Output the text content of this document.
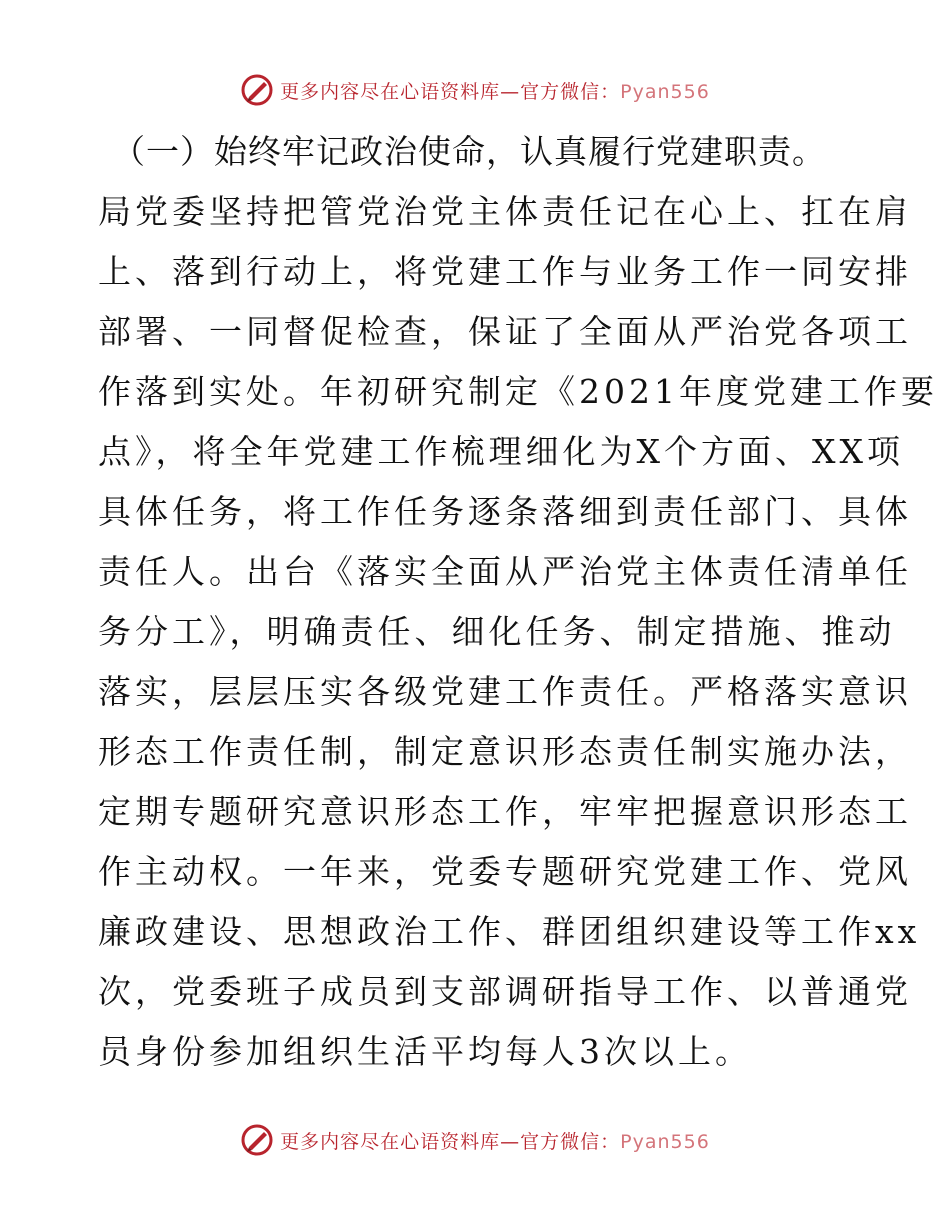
更多内容尽在心语资料库—官方微信：Pyan556
（一）始终牢记政治使命，认真履行党建职责。
局党委坚持把管党治党主体责任记在心上、扛在肩
上、落到行动上，将党建工作与业务工作一同安排
部署、一同督促检查，保证了全面从严治党各项工
作落到实处。年初研究制定《2021年度党建工作要
点》，将全年党建工作梳理细化为X个方面、XX项
具体任务，将工作任务逐条落细到责任部门、具体
责任人。出台《落实全面从严治党主体责任清单任
务分工》，明确责任、细化任务、制定措施、推动
落实，层层压实各级党建工作责任。严格落实意识
形态工作责任制，制定意识形态责任制实施办法，
定期专题研究意识形态工作，牢牢把握意识形态工
作主动权。一年来，党委专题研究党建工作、党风
廉政建设、思想政治工作、群团组织建设等工作xx
次，党委班子成员到支部调研指导工作、以普通党
员身份参加组织生活平均每人3次以上。
更多内容尽在心语资料库—官方微信：Pyan556
